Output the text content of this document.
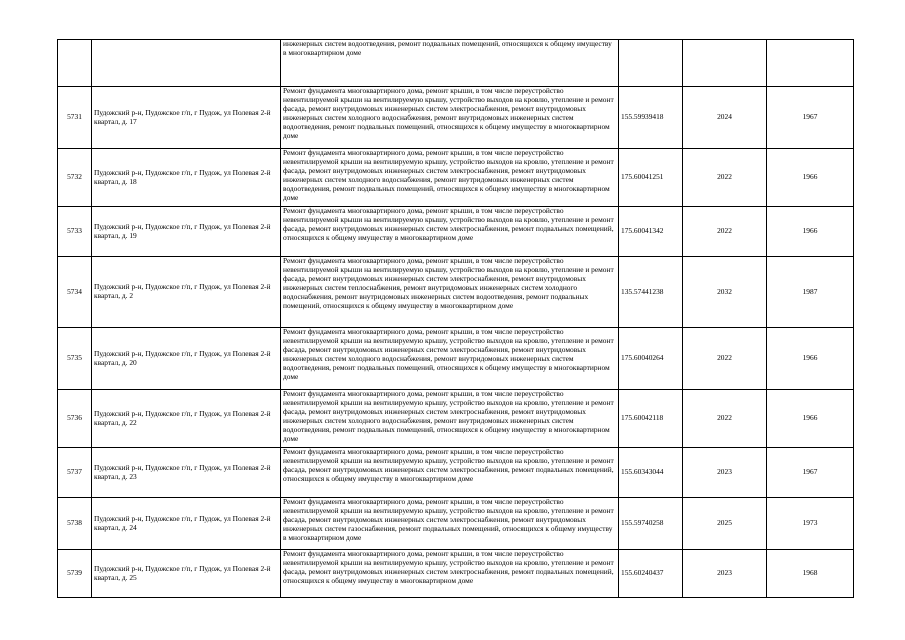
		инженерных систем водоотведения, ремонт подвальных помещений, относящихся к общему имуществу в многоквартирном доме			
5731	Пудожский р-н, Пудожское г/п, г Пудож, ул Полевая 2-й квартал, д. 17	Ремонт фундамента многоквартирного дома, ремонт крыши, в том числе переустройство невентилируемой крыши на вентилируемую крышу, устройство выходов на кровлю, утепление и ремонт фасада, ремонт внутридомовых инженерных систем электроснабжения, ремонт внутридомовых инженерных систем холодного водоснабжения, ремонт внутридомовых инженерных систем водоотведения, ремонт подвальных помещений, относящихся к общему имуществу в многоквартирном доме	155.59939418	2024	1967
5732	Пудожский р-н, Пудожское г/п, г Пудож, ул Полевая 2-й квартал, д. 18	Ремонт фундамента многоквартирного дома, ремонт крыши, в том числе переустройство невентилируемой крыши на вентилируемую крышу, устройство выходов на кровлю, утепление и ремонт фасада, ремонт внутридомовых инженерных систем электроснабжения, ремонт внутридомовых инженерных систем холодного водоснабжения, ремонт внутридомовых инженерных систем водоотведения, ремонт подвальных помещений, относящихся к общему имуществу в многоквартирном доме	175.60041251	2022	1966
5733	Пудожский р-н, Пудожское г/п, г Пудож, ул Полевая 2-й квартал, д. 19	Ремонт фундамента многоквартирного дома, ремонт крыши, в том числе переустройство невентилируемой крыши на вентилируемую крышу, устройство выходов на кровлю, утепление и ремонт фасада, ремонт внутридомовых инженерных систем электроснабжения, ремонт подвальных помещений, относящихся к общему имуществу в многоквартирном доме	175.60041342	2022	1966
5734	Пудожский р-н, Пудожское г/п, г Пудож, ул Полевая 2-й квартал, д. 2	Ремонт фундамента многоквартирного дома, ремонт крыши, в том числе переустройство невентилируемой крыши на вентилируемую крышу, устройство выходов на кровлю, утепление и ремонт фасада, ремонт внутридомовых инженерных систем электроснабжения, ремонт внутридомовых инженерных систем теплоснабжения, ремонт внутридомовых инженерных систем холодного водоснабжения, ремонт внутридомовых инженерных систем водоотведения, ремонт подвальных помещений, относящихся к общему имуществу в многоквартирном доме	135.57441238	2032	1987
5735	Пудожский р-н, Пудожское г/п, г Пудож, ул Полевая 2-й квартал, д. 20	Ремонт фундамента многоквартирного дома, ремонт крыши, в том числе переустройство невентилируемой крыши на вентилируемую крышу, устройство выходов на кровлю, утепление и ремонт фасада, ремонт внутридомовых инженерных систем электроснабжения, ремонт внутридомовых инженерных систем холодного водоснабжения, ремонт внутридомовых инженерных систем водоотведения, ремонт подвальных помещений, относящихся к общему имуществу в многоквартирном доме	175.60040264	2022	1966
5736	Пудожский р-н, Пудожское г/п, г Пудож, ул Полевая 2-й квартал, д. 22	Ремонт фундамента многоквартирного дома, ремонт крыши, в том числе переустройство невентилируемой крыши на вентилируемую крышу, устройство выходов на кровлю, утепление и ремонт фасада, ремонт внутридомовых инженерных систем электроснабжения, ремонт внутридомовых инженерных систем холодного водоснабжения, ремонт внутридомовых инженерных систем водоотведения, ремонт подвальных помещений, относящихся к общему имуществу в многоквартирном доме	175.60042118	2022	1966
5737	Пудожский р-н, Пудожское г/п, г Пудож, ул Полевая 2-й квартал, д. 23	Ремонт фундамента многоквартирного дома, ремонт крыши, в том числе переустройство невентилируемой крыши на вентилируемую крышу, устройство выходов на кровлю, утепление и ремонт фасада, ремонт внутридомовых инженерных систем электроснабжения, ремонт подвальных помещений, относящихся к общему имуществу в многоквартирном доме	155.60343044	2023	1967
5738	Пудожский р-н, Пудожское г/п, г Пудож, ул Полевая 2-й квартал, д. 24	Ремонт фундамента многоквартирного дома, ремонт крыши, в том числе переустройство невентилируемой крыши на вентилируемую крышу, устройство выходов на кровлю, утепление и ремонт фасада, ремонт внутридомовых инженерных систем электроснабжения, ремонт внутридомовых инженерных систем газоснабжения, ремонт подвальных помещений, относящихся к общему имуществу в многоквартирном доме	155.59740258	2025	1973
5739	Пудожский р-н, Пудожское г/п, г Пудож, ул Полевая 2-й квартал, д. 25	Ремонт фундамента многоквартирного дома, ремонт крыши, в том числе переустройство невентилируемой крыши на вентилируемую крышу, устройство выходов на кровлю, утепление и ремонт фасада, ремонт внутридомовых инженерных систем электроснабжения, ремонт подвальных помещений, относящихся к общему имуществу в многоквартирном доме	155.60240437	2023	1968
